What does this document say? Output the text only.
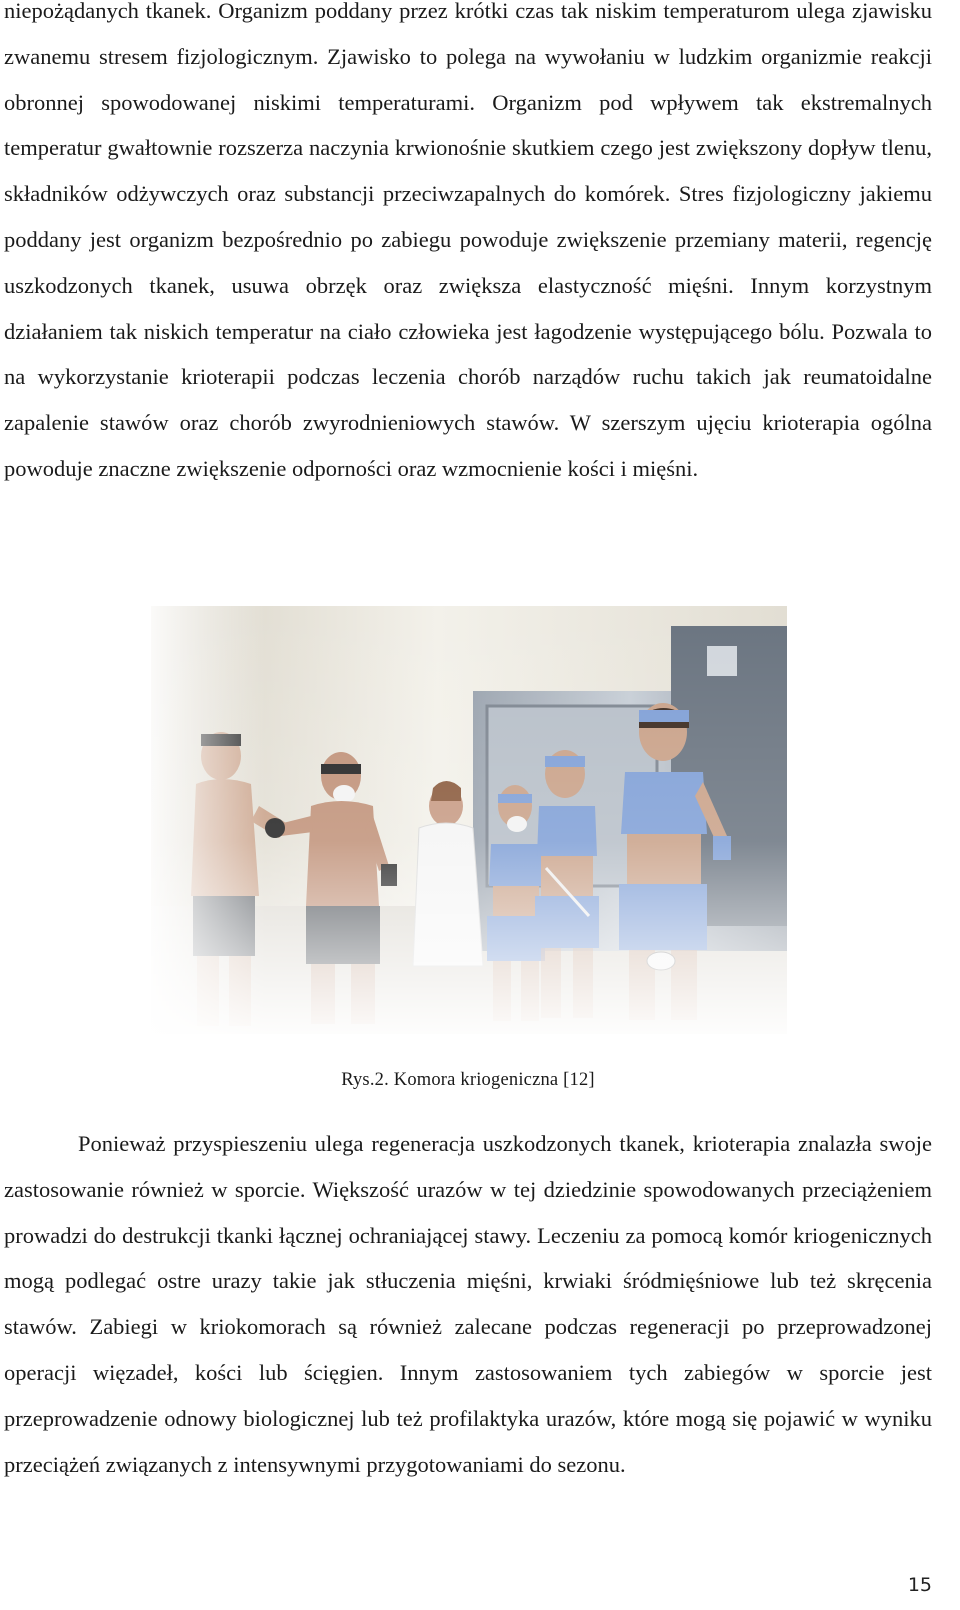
niepożądanych tkanek. Organizm poddany przez krótki czas tak niskim temperaturom ulega zjawisku zwanemu stresem fizjologicznym. Zjawisko to polega na wywołaniu w ludzkim organizmie reakcji obronnej spowodowanej niskimi temperaturami. Organizm pod wpływem tak ekstremalnych temperatur gwałtownie rozszerza naczynia krwionośnie skutkiem czego jest zwiększony dopływ tlenu, składników odżywczych oraz substancji przeciwzapalnych do komórek. Stres fizjologiczny jakiemu poddany jest organizm bezpośrednio po zabiegu powoduje zwiększenie przemiany materii, regencję uszkodzonych tkanek, usuwa obrzęk oraz zwiększa elastyczność mięśni. Innym korzystnym działaniem tak niskich temperatur na ciało człowieka jest łagodzenie występującego bólu. Pozwala to na wykorzystanie krioterapii podczas leczenia chorób narządów ruchu takich jak reumatoidalne zapalenie stawów oraz chorób zwyrodnieniowych stawów. W szerszym ujęciu krioterapia ogólna powoduje znaczne zwiększenie odporności oraz wzmocnienie kości i mięśni.

Rys.2. Komora kriogeniczna [12]

Ponieważ przyspieszeniu ulega regeneracja uszkodzonych tkanek, krioterapia znalazła swoje zastosowanie również w sporcie. Większość urazów w tej dziedzinie spowodowanych przeciążeniem prowadzi do destrukcji tkanki łącznej ochraniającej stawy. Leczeniu za pomocą komór kriogenicznych mogą podlegać ostre urazy takie jak stłuczenia mięśni, krwiaki śródmięśniowe lub też skręcenia stawów. Zabiegi w kriokomorach są również zalecane podczas regeneracji po przeprowadzonej operacji więzadeł, kości lub ścięgien. Innym zastosowaniem tych zabiegów w sporcie jest przeprowadzenie odnowy biologicznej lub też profilaktyka urazów, które mogą się pojawić w wyniku przeciążeń związanych z intensywnymi przygotowaniami do sezonu.

15
